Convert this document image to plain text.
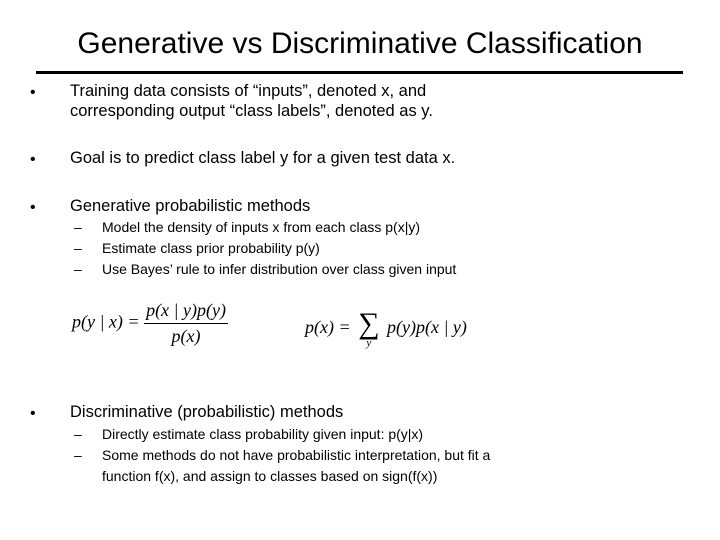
Generative vs Discriminative Classification
• Training data consists of “inputs”, denoted x, and corresponding output “class labels”, denoted as y.
• Goal is to predict class label y for a given test data x.
• Generative probabilistic methods
– Model the density of inputs x from each class p(x|y)
– Estimate class prior probability p(y)
– Use Bayes’ rule to infer distribution over class given input
p(y | $x) = \frac{p(x | y)p(y)}{p(x)}$	p(x) = ∑
y
p(y)p(x | y)
• Discriminative (probabilistic) methods
– Directly estimate class probability given input: p(y|x)
–	Some methods do not have probabilistic interpretation, but fit a function f(x), and assign to classes based on sign(f(x))
